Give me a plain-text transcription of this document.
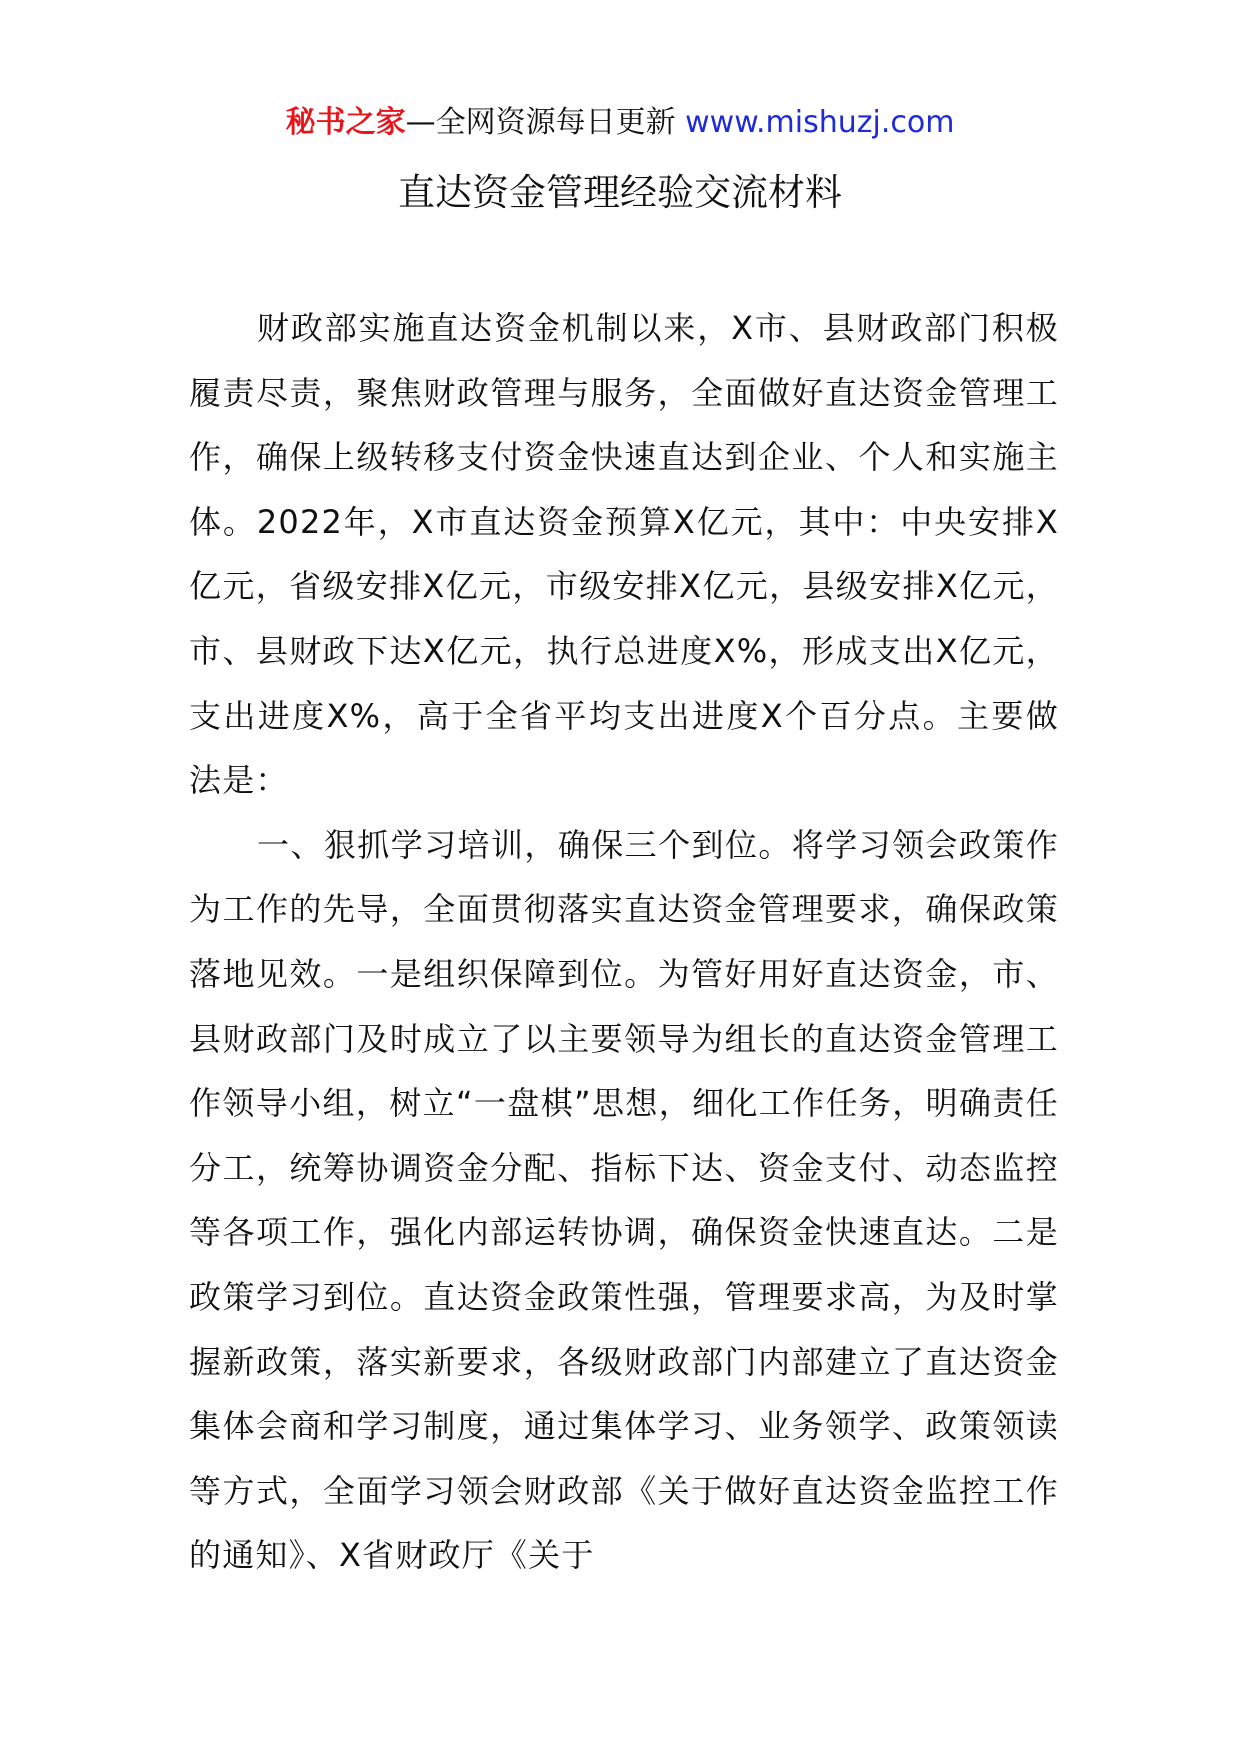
秘书之家—全网资源每日更新 www.mishuzj.com
直达资金管理经验交流材料

财政部实施直达资金机制以来，X市、县财政部门积极履责尽责，聚焦财政管理与服务，全面做好直达资金管理工作，确保上级转移支付资金快速直达到企业、个人和实施主体。2022年，X市直达资金预算X亿元，其中：中央安排X亿元，省级安排X亿元，市级安排X亿元，县级安排X亿元，市、县财政下达X亿元，执行总进度X%，形成支出X亿元，支出进度X%，高于全省平均支出进度X个百分点。主要做法是：

一、狠抓学习培训，确保三个到位。将学习领会政策作为工作的先导，全面贯彻落实直达资金管理要求，确保政策落地见效。一是组织保障到位。为管好用好直达资金，市、县财政部门及时成立了以主要领导为组长的直达资金管理工作领导小组，树立“一盘棋”思想，细化工作任务，明确责任分工，统筹协调资金分配、指标下达、资金支付、动态监控等各项工作，强化内部运转协调，确保资金快速直达。二是政策学习到位。直达资金政策性强，管理要求高，为及时掌握新政策，落实新要求，各级财政部门内部建立了直达资金集体会商和学习制度，通过集体学习、业务领学、政策领读等方式，全面学习领会财政部《关于做好直达资金监控工作的通知》、X省财政厅《关于
